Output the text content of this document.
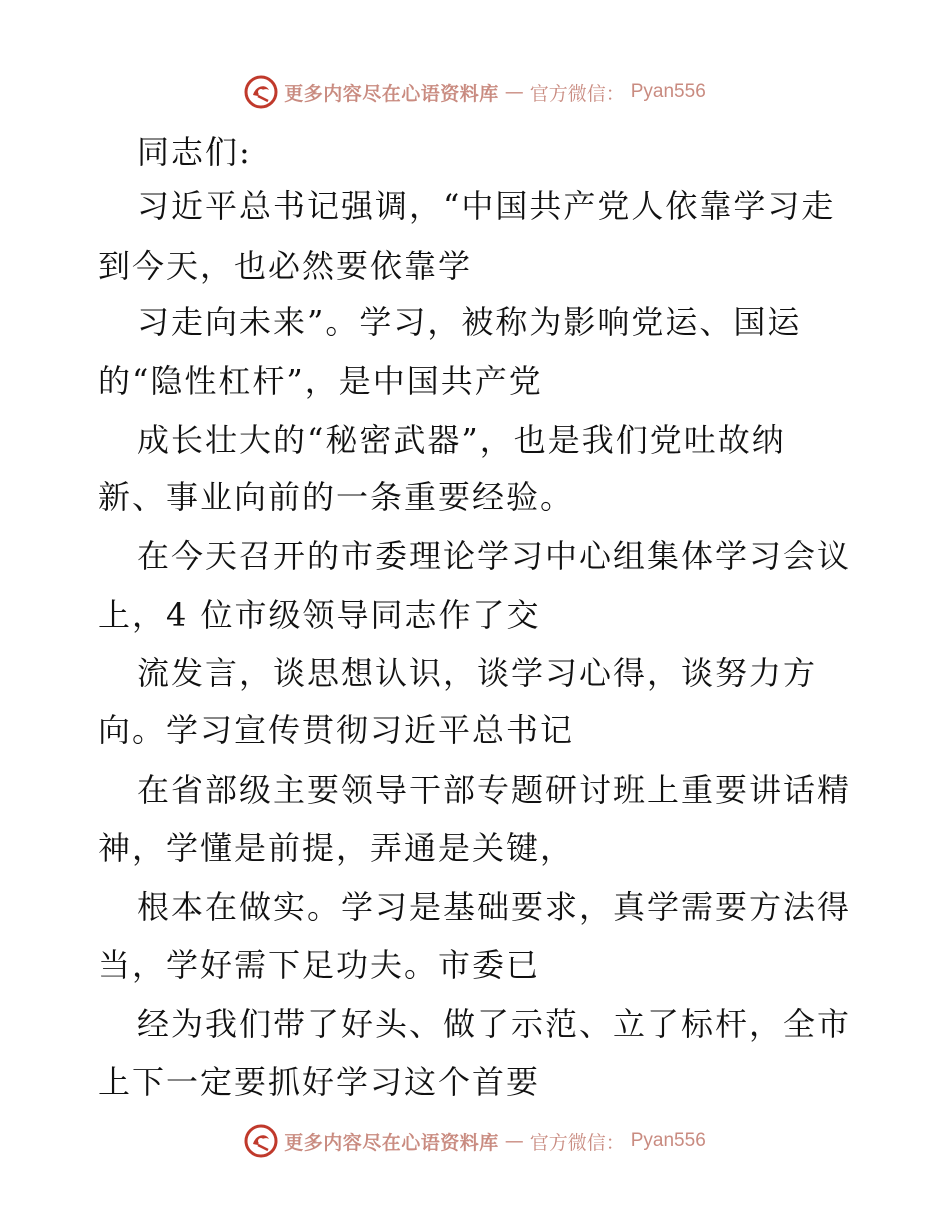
更多内容尽在心语资料库 — 官方微信： Pyan556
同志们:
习近平总书记强调，“中国共产党人依靠学习走
到今天，也必然要依靠学
习走向未来”。学习，被称为影响党运、国运
的“隐性杠杆”，是中国共产党
成长壮大的“秘密武器”，也是我们党吐故纳
新、事业向前的一条重要经验。
在今天召开的市委理论学习中心组集体学习会议
上，4 位市级领导同志作了交
流发言，谈思想认识，谈学习心得，谈努力方
向。学习宣传贯彻习近平总书记
在省部级主要领导干部专题研讨班上重要讲话精
神，学懂是前提，弄通是关键，
根本在做实。学习是基础要求，真学需要方法得
当，学好需下足功夫。市委已
经为我们带了好头、做了示范、立了标杆，全市
上下一定要抓好学习这个首要
更多内容尽在心语资料库 — 官方微信： Pyan556
